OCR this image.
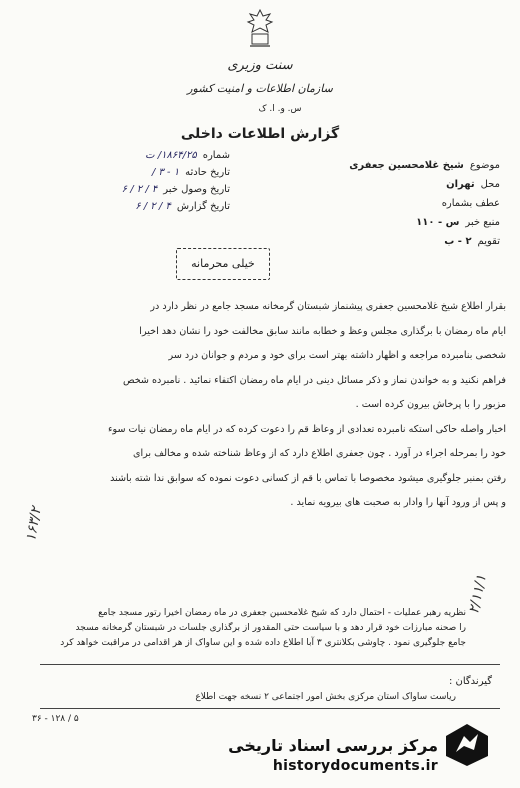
سنت وزیری
سازمان اطلاعات و امنیت کشور
س. و. ا. ک
گزارش اطلاعات داخلی
شماره
۱۸۶۴/۲۵/ ت
تاریخ حادثه
۱ - ۳ /
تاریخ وصول خبر
۴ / ۲ / ۶
تاریخ گزارش
۴ / ۲ / ۶
خیلی محرمانه
موضوع
شیخ غلامحسین جعفری
محل
تهران
عطف بشماره
منبع خبر
س - ۱۱۰
تقویم
۲ - ب

بقرار اطلاع شیخ غلامحسین جعفری پیشنماز شبستان گرمخانه مسجد جامع در نظر دارد در

ایام ماه رمضان با برگذاری مجلس وعظ و خطابه مانند سابق مخالفت خود را نشان دهد اخیرا

شخصی بنامبرده مراجعه و اظهار داشته بهتر است برای خود و مردم و جوانان درد سر

فراهم نکنید و به خواندن نماز و ذکر مسائل دینی در ایام ماه رمضان اکتفاء نمائید . نامبرده شخص

مزبور را با پرخاش بیرون کرده است .

اخبار واصله حاکی استکه نامبرده تعدادی از وعاظ قم را دعوت کرده که در ایام ماه رمضان نیات سوء

خود را بمرحله اجراء در آورد . چون جعفری اطلاع دارد که از وعاظ شناخته شده و مخالف برای

رفتن بمنبر جلوگیری میشود مخصوصا با تماس با قم از کسانی دعوت نموده که سوابق ندا شته باشند

و پس از ورود آنها را وادار به صحبت های بیرویه نماید .

۱۶۳/۲
۲/۱۱/۱

نظریه رهبر عملیات - احتمال دارد که شیخ غلامحسین جعفری در ماه رمضان اخیرا رتور مسجد جامع

را صحنه مبارزات خود قرار دهد و با سیاست حتی المقدور از برگذاری جلسات در شبستان گرمخانه مسجد

جامع جلوگیری نمود . چاوشی بکلانتری ۳ آبا اطلاع داده شده و این ساواک از هر اقدامی در مراقبت خواهد کرد

گیرندگان :
ریاست ساواک استان مرکزی بخش امور اجتماعی ۲ نسخه جهت اطلاع
۳۶ - ۱۲۸ / ۵
مرکز بررسی اسناد تاریخی
historydocuments.ir
